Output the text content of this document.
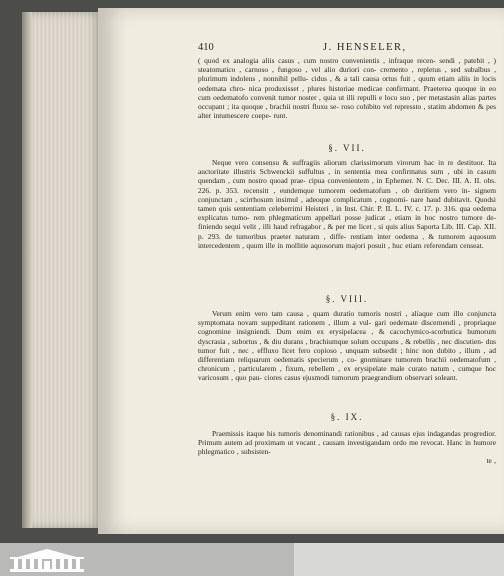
410	J. HENSELER,
( quod ex analogia aliis casus , cum nostro convenientis , infraque recen- sendi , patebit , ) steatomatico , carnoso , fungoso , vel alio duriori con- cremento , repletus , sed subalbus , plurimum indolens , nonnihil pellu- cidus , & a tali causa ortus fuit , quum etiam aliis in locis oedemata chro- nica produxisset , plures historiae medicae confirmant. Praeterea quoque in eo cum oedematofo convenit tumor noster , quia ut illi repulli e loco suo , per metastasin alias partes occupant ; ita quoque , brachii nostri fluxu se- roso cohibito vel repressto , statim abdomen & pes alter intumescere coepe- runt.
§. VII.
Neque vero consensu & suffragiis aliorum clarissimorum virorum hac in re destituor. Ita auctoritate illustris Schwenckii suffultus , in sententia mea confirmatus sum , ubi in casum quendam , cum nostro quoad prae- cipua convenientem , in Ephemer. N. C. Dec. III. A. II. obs. 226. p. 353. recensitt , eundemque tumorem oedematofum , ob duritiem vero in- signem conjunctam , scirrhosum insimul , adeoque complicatum , cognomi- nare haud dubitavit. Quodsi tamen quis sententiam celeberrimi Heisteri , in Inst. Chir. P. II. L. IV. c. 17. p. 316. qua oedema explicatus tumo- rem phlegmaticum appellari posse judicat , etiam in hoc nostro tumore de- finiendo sequi velit , illi haud refragabor , & per me licet , si quis alius Saporta Lib. III. Cap. XII. p. 293. de tumoribus praeter naturam , diffe- rentiam inter oedema , & tumorem aquosum intercedentem , quum ille in mollitie aquosorum majori posuit , huc etiam referendam censeat.
§. VIII.
Verum enim vero tam causa , quam duratio tumoris nostri , aliaque cum illo conjuncta symptomata novam suppeditant rationem , illum a vul- gari oedemate discernendi , propriaque cognomine insigniendi. Dum enim ex erysipelacea , & cacochymico-scorbutica humorum dyscrasia , subortus , & diu durans , brachiumque solum occupans , & rebellis , nec discutien- dus tumor fuit , nec , effluxo licet fero copioso , unquam subsedit ; hinc non dubito , illum , ad differentiam reliquarum oedematis specierum , co- gnominare tumorem brachii oedematofum , chronicum , particularem , fixum, rebellem , ex erysipelate male curato natum , cumque hoc varicosum , quo pau- ciores casus ejusmodi tumorum praegrandium observari soleant.
§. IX.
Praemissis itaque his tumoris denominandi rationibus , ad causas ejus indagandas progredior. Primum autem ad proximam ut vocant , causam investigandam ordo me revocat. Hanc in humore phlegmatico , subsisten-
te ,
